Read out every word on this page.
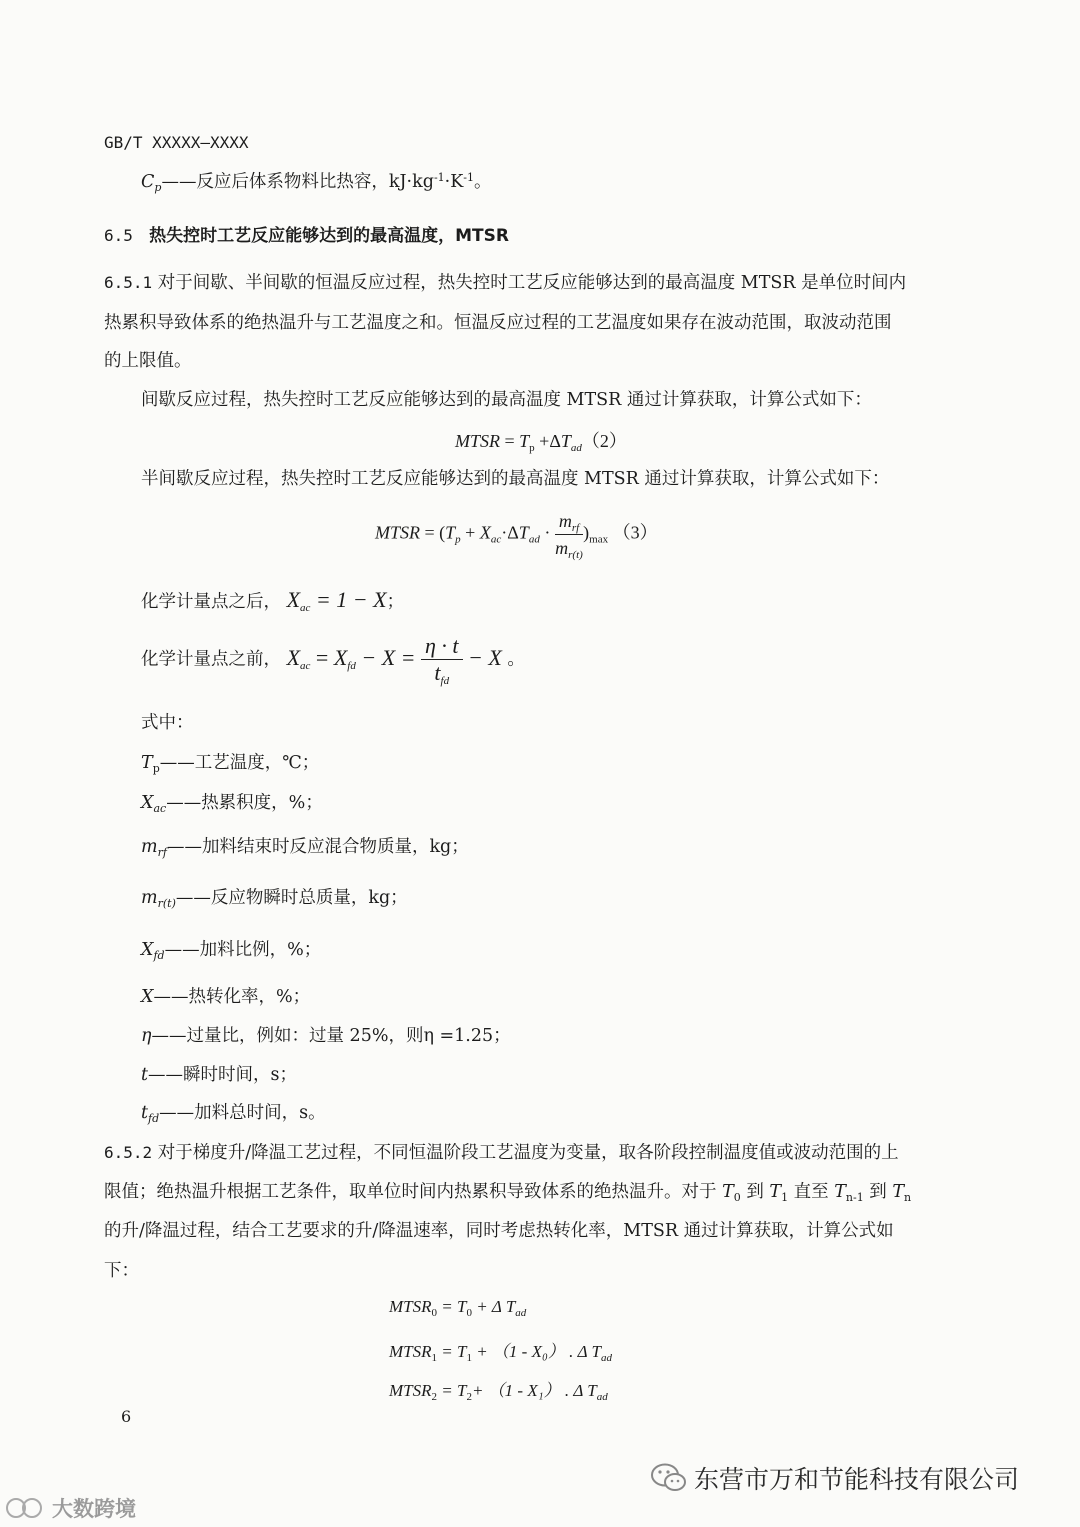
GB/T XXXXX—XXXX
$C_p——$反应后体系物料比热容，$kJ\cdot kg^{-1}\cdot K^{-1}$。
6.5 热失控时工艺反应能够达到的最高温度，MTSR
6.5.1 对于间歇、半间歇的恒温反应过程，热失控时工艺反应能够达到的最高温度 MTSR 是单位时间内
热累积导致体系的绝热温升与工艺温度之和。恒温反应过程的工艺温度如果存在波动范围，取波动范围
的上限值。
间歇反应过程，热失控时工艺反应能够达到的最高温度 MTSR 通过计算获取，计算公式如下：
MTSR = $T_p +\Delta T_{ad}(2)$
半间歇反应过程，热失控时工艺反应能够达到的最高温度 MTSR 通过计算获取，计算公式如下：
MTSR = $(T_p + X_{ac}\cdot\Delta T_{ad} \cdot \frac{m_{rf}}{m_{r(t)}} )_{max}$ （3）
化学计量点之后， $X_{ac} = 1 - X$；
化学计量点之前， $X_{ac} = X_{fd} - X = \frac{\eta \cdot t}{t_{fd}} - X$ 。
式中：
$T_p——$工艺温度，℃；
$X_{ac}——$热累积度，%；
$m_{rf}——$加料结束时反应混合物质量，kg；
$m_{r(t)}——$反应物瞬时总质量，kg；
$X_{fd}——$加料比例，%；
X——热转化率，%；
η——过量比，例如：过量 25%，则η =1.25；
t——瞬时时间，s；
$t_{fd}——$加料总时间，s。
6.5.2 对于梯度升/降温工艺过程，不同恒温阶段工艺温度为变量，取各阶段控制温度值或波动范围的上
限值；绝热温升根据工艺条件，取单位时间内热累积导致体系的绝热温升。对于 $T_0$ 到 $T_1$ 直至 $T_{n-1}$ 到 $T_n$
的升/降温过程，结合工艺要求的升/降温速率，同时考虑热转化率，MTSR 通过计算获取，计算公式如
下：
$MTSR_0 = T_0 + \Delta$ $T_{ad}$
$MTSR_1 = T_1 + (1 - X_0)$ . Δ $T_{ad}$
$MTSR_2 = T_2+ (1 - X_1)$ . Δ $T_{ad}$
6
东营市万和节能科技有限公司
大数跨境
